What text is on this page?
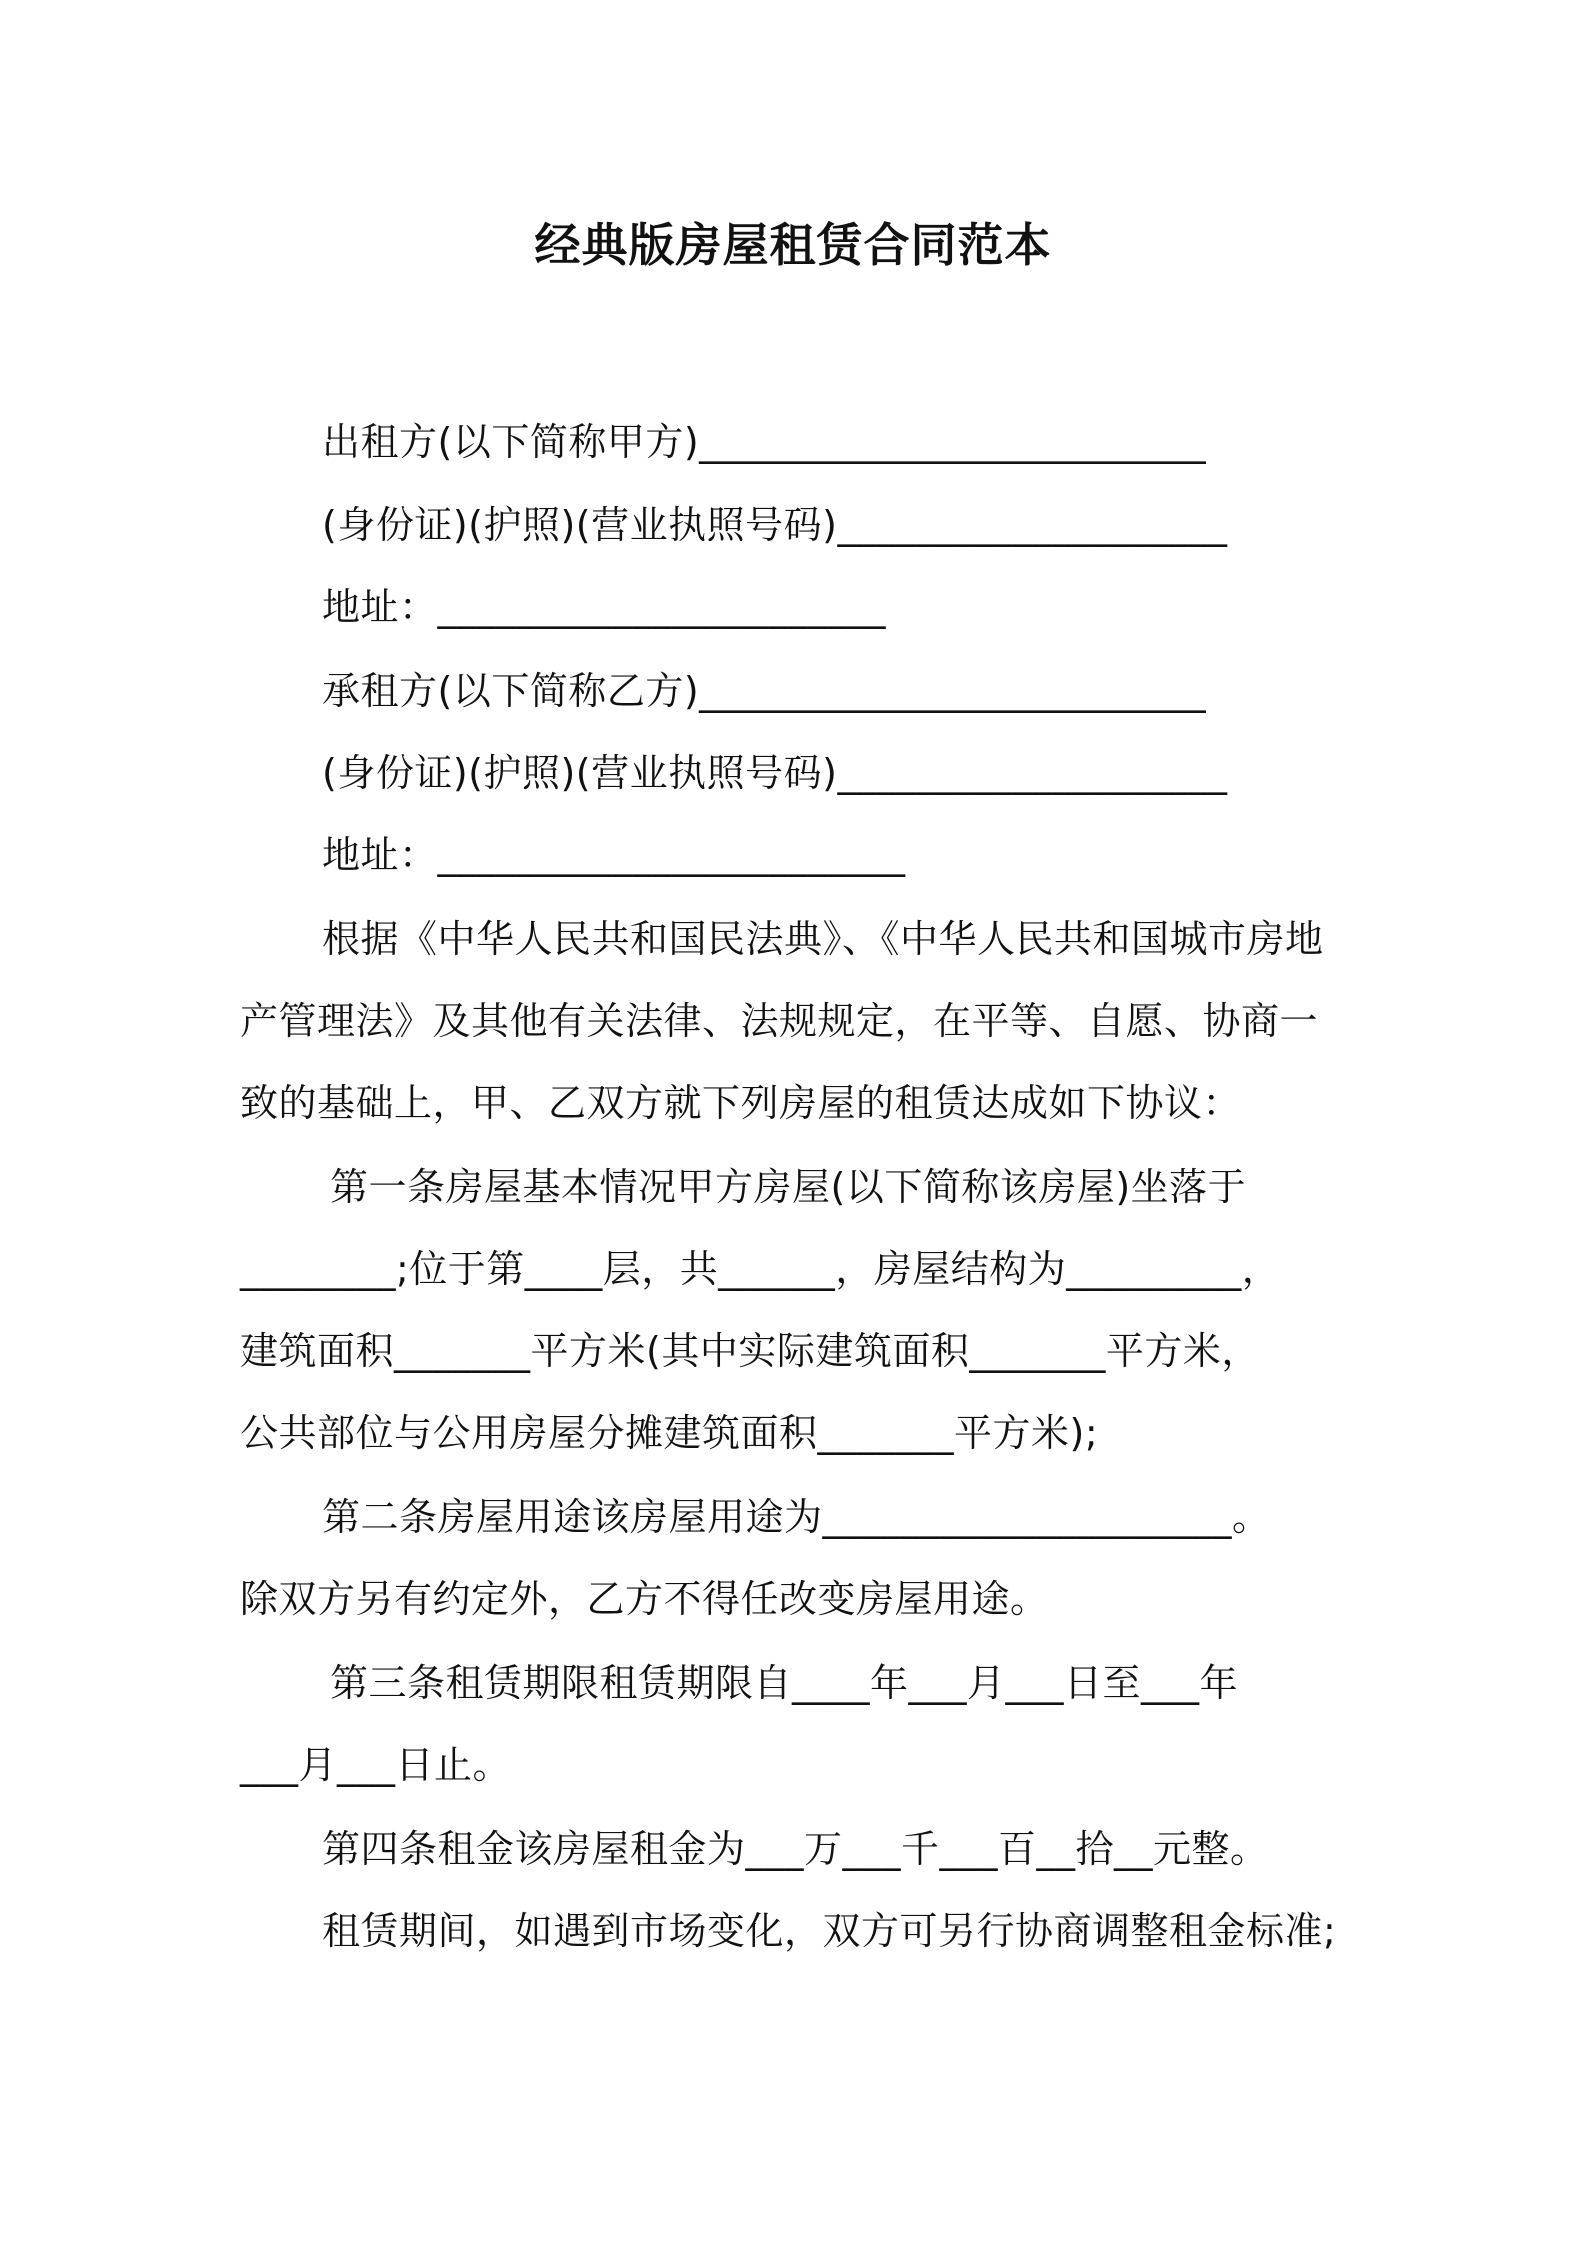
经典版房屋租赁合同范本
出租方(以下简称甲方)__________________________
(身份证)(护照)(营业执照号码)____________________
地址：_______________________
承租方(以下简称乙方)__________________________
(身份证)(护照)(营业执照号码)____________________
地址：________________________
根据《中华人民共和国民法典》、《中华人民共和国城市房地
产管理法》及其他有关法律、法规规定，在平等、自愿、协商一
致的基础上，甲、乙双方就下列房屋的租赁达成如下协议：
第一条房屋基本情况甲方房屋(以下简称该房屋)坐落于
________;位于第____层，共______，房屋结构为_________，
建筑面积_______平方米(其中实际建筑面积_______平方米，
公共部位与公用房屋分摊建筑面积_______平方米);
第二条房屋用途该房屋用途为_____________________。
除双方另有约定外，乙方不得任改变房屋用途。
第三条租赁期限租赁期限自____年___月___日至___年
___月___日止。
第四条租金该房屋租金为___万___千___百__拾__元整。
租赁期间，如遇到市场变化，双方可另行协商调整租金标准;
